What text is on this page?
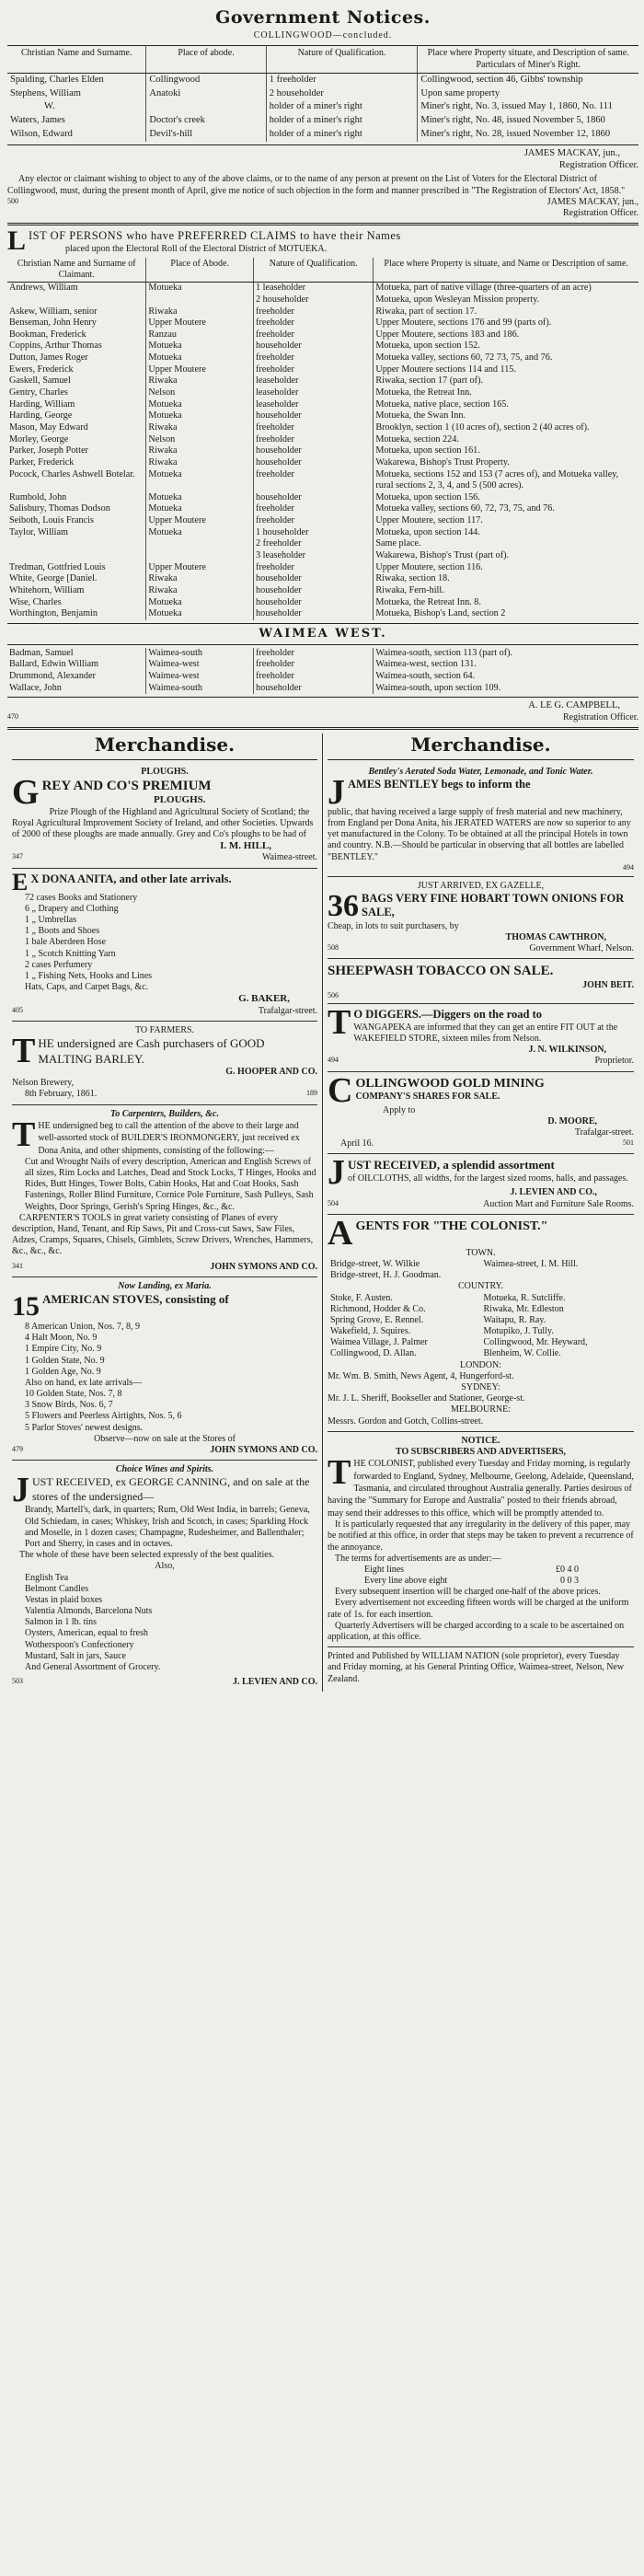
Government Notices.
COLLINGWOOD—concluded.
Christian Name and Surname.	Place of abode.	Nature of Qualification.	Place where Property situate, and Description of same. Particulars of Miner's Right.
Spalding, Charles Elden	Collingwood	1 freeholder	Collingwood, section 46, Gibbs' township
Stephens, William	Anatoki	2 householder	Upon same property
W.		holder of a miner's right	Miner's right, No. 3, issued May 1, 1860, No. 111
Waters, James	Doctor's creek	holder of a miner's right	Miner's right, No. 48, issued November 5, 1860
Wilson, Edward	Devil's-hill	holder of a miner's right	Miner's right, No. 28, issued November 12, 1860
JAMES MACKAY, jun.,
Registration Officer.

Any elector or claimant wishing to object to any of the above claims, or to the name of any person at present on the List of Voters for the Electoral District of Collingwood, must, during the present month of April, give me notice of such objection in the form and manner prescribed in "The Registration of Electors' Act, 1858."

500	JAMES MACKAY, jun.,
Registration Officer.
L IST OF PERSONS who have PREFERRED CLAIMS to have their Names
placed upon the Electoral Roll of the Electoral District of MOTUEKA.
Christian Name and Surname of Claimant.	Place of Abode.	Nature of Qualification.	Place where Property is situate, and Name or Description of same.
Andrews, William	Motueka	1 leaseholder	Motueka, part of native village (three-quarters of an acre)
		2 householder	Motueka, upon Wesleyan Mission property.
Askew, William, senior	Riwaka	freeholder	Riwaka, part of section 17.
Benseman, John Henry	Upper Moutere	freeholder	Upper Moutere, sections 176 and 99 (parts of).
Bookman, Frederick	Ranzau	freeholder	Upper Moutere, sections 183 and 186.
Coppins, Arthur Thomas	Motueka	householder	Motueka, upon section 152.
Dutton, James Roger	Motueka	freeholder	Motueka valley, sections 60, 72 73, 75, and 76.
Ewers, Frederick	Upper Moutere	freeholder	Upper Moutere sections 114 and 115.
Gaskell, Samuel	Riwaka	leaseholder	Riwaka, section 17 (part of).
Gentry, Charles	Nelson	leaseholder	Motueka, the Retreat Inn.
Harding, William	Motueka	leaseholder	Motueka, native place, section 165.
Harding, George	Motueka	householder	Motueka, the Swan Inn.
Mason, May Edward	Riwaka	freeholder	Brooklyn, section 1 (10 acres of), section 2 (40 acres of).
Morley, George	Nelson	freeholder	Motueka, section 224.
Parker, Joseph Potter	Riwaka	householder	Motueka, upon section 161.
Parker, Frederick	Riwaka	householder	Wakarewa, Bishop's Trust Property.
Pocock, Charles Ashwell Botelar.	Motueka	freeholder	Motueka, sections 152 and 153 (7 acres of), and Motueka valley, rural sections 2, 3, 4, and 5 (500 acres).
Rumbold, John	Motueka	householder	Motueka, upon section 156.
Salisbury, Thomas Dodson	Motueka	freeholder	Motueka valley, sections 60, 72, 73, 75, and 76.
Seiboth, Louis Francis	Upper Moutere	freeholder	Upper Moutere, section 117.
Taylor, William	Motueka	1 householder	Motueka, upon section 144.
		2 freeholder	Same place.
		3 leaseholder	Wakarewa, Bishop's Trust (part of).
Tredman, Gottfried Louis	Upper Moutere	freeholder	Upper Moutere, section 116.
White, George [Daniel.	Riwaka	householder	Riwaka, section 18.
Whitehorn, William	Riwaka	householder	Riwaka, Fern-hill.
Wise, Charles	Motueka	householder	Motueka, the Retreat Inn. 8.
Worthington, Benjamin	Motueka	householder	Motueka, Bishop's Land, section 2
WAIMEA WEST.
Badman, Samuel	Waimea-south	freeholder	Waimea-south, section 113 (part of).
Ballard, Edwin William	Waimea-west	freeholder	Waimea-west, section 131.
Drummond, Alexander	Waimea-west	freeholder	Waimea-south, section 64.
Wallace, John	Waimea-south	householder	Waimea-south, upon section 109.
A. LE G. CAMPBELL,
470	Registration Officer.
Merchandise.
PLOUGHS.
GREY AND CO'S PREMIUM
PLOUGHS.

Prize Plough of the Highland and Agricultural Society of Scotland; the Royal Agricultural Improvement Society of Ireland, and other Societies. Upwards of 2000 of these ploughs are made annually. Grey and Co's ploughs to be had of

I. M. HILL,
347	Waimea-street.
E X DONA ANITA, and other late arrivals.
72 cases Books and Stationery
6 „ Drapery and Clothing
1 „ Umbrellas
1 „ Boots and Shoes
1 bale Aberdeen Hose
1 „ Scotch Knitting Yarn
2 cases Perfumery
1 „ Fishing Nets, Hooks and Lines
Hats, Caps, and Carpet Bags, &c.
G. BAKER,
405	Trafalgar-street.
TO FARMERS.
THE undersigned are Cash purchasers of GOOD MALTING BARLEY.
G. HOOPER AND CO.
Nelson Brewery,
8th February, 1861.	189
To Carpenters, Builders, &c.
THE undersigned beg to call the attention of the above to their large and well-assorted stock of BUILDER'S IRONMONGERY, just received ex Dona Anita, and other shipments, consisting of the following:—

Cut and Wrought Nails of every description, American and English Screws of all sizes, Rim Locks and Latches, Dead and Stock Locks, T Hinges, Hooks and Rides, Butt Hinges, Tower Bolts, Cabin Hooks, Hat and Coat Hooks, Sash Fastenings, Roller Blind Furniture, Cornice Pole Furniture, Sash Pulleys, Sash Weights, Door Springs, Gerish's Spring Hinges, &c., &c.

CARPENTER'S TOOLS in great variety consisting of Planes of every description, Hand, Tenant, and Rip Saws, Pit and Cross-cut Saws, Saw Files, Adzes, Cramps, Squares, Chisels, Gimblets, Screw Drivers, Wrenches, Hammers, &c., &c., &c.

341	JOHN SYMONS AND CO.
Now Landing, ex Maria.
15 AMERICAN STOVES, consisting of
8 American Union, Nos. 7, 8, 9
4 Halt Moon, No. 9
1 Empire City, No. 9
1 Golden State, No. 9
1 Golden Age, No. 9
Also on hand, ex late arrivals—
10 Golden State, Nos. 7, 8
3 Snow Birds, Nos. 6, 7
5 Flowers and Peerless Airtights, Nos. 5, 6
5 Parlor Stoves' newest designs.
Observe—now on sale at the Stores of
479	JOHN SYMONS AND CO.
Choice Wines and Spirits.
JUST RECEIVED, ex GEORGE CANNING, and on sale at the stores of the undersigned—

Brandy, Martell's, dark, in quarters; Rum, Old West India, in barrels; Geneva, Old Schiedam, in cases; Whiskey, Irish and Scotch, in cases; Sparkling Hock and Moselle, in 1 dozen cases; Champagne, Rudesheimer, and Ballenthaler; Port and Sherry, in cases and in octaves.

The whole of these have been selected expressly of the best qualities.

Also,
English Tea
Belmont Candles
Vestas in plaid boxes
Valentia Almonds, Barcelona Nuts
Salmon in 1 lb. tins
Oysters, American, equal to fresh
Wotherspoon's Confectionery
Mustard, Salt in jars, Sauce
And General Assortment of Grocery.
503	J. LEVIEN AND CO.
Merchandise.
Bentley's Aerated Soda Water, Lemonade, and Tonic Water.
JAMES BENTLEY begs to inform the

public, that having received a large supply of fresh material and new machinery, from England per Dona Anita, his JERATED WATERS are now so superior to any yet manufactured in the Colony. To be obtained at all the principal Hotels in town and country. N.B.—Should be particular in observing that all bottles are labelled "BENTLEY."

494
JUST ARRIVED, EX GAZELLE,
36 BAGS VERY FINE HOBART TOWN ONIONS FOR SALE,

Cheap, in lots to suit purchasers, by

THOMAS CAWTHRON,
508	Government Wharf, Nelson.
SHEEPWASH TOBACCO ON SALE.
JOHN BEIT.
506
T O DIGGERS.—Diggers on the road to

WANGAPEKA are informed that they can get an entire FIT OUT at the WAKEFIELD STORE, sixteen miles from Nelson.

J. N. WILKINSON,
494	Proprietor.
COLLINGWOOD GOLD MINING
COMPANY'S SHARES FOR SALE.
Apply to
D. MOORE,
Trafalgar-street.
April 16.	501
JUST RECEIVED, a splendid assortment

of OILCLOTHS, all widths, for the largest sized rooms, halls, and passages.

J. LEVIEN AND CO.,
504	Auction Mart and Furniture Sale Rooms.
AGENTS FOR "THE COLONIST."
TOWN.
Bridge-street, W. Wilkie	Waimea-street, I. M. Hill.
Bridge-street, H. J. Goodman.	
COUNTRY.
Stoke, F. Austen.	Motueka, R. Sutcliffe.
Richmond, Hodder & Co.	Riwaka, Mr. Edleston
Spring Grove, E. Rennel.	Waitapu, R. Ray.
Wakefield, J. Squires.	Motupiko, J. Tully.
Waimea Village, J. Palmer	Collingwood, Mr. Heyward,
Collingwood, D. Allan.	Blenheim, W. Collie.
LONDON:
Mr. Wm. B. Smith, News Agent, 4, Hungerford-st.
SYDNEY:
Mr. J. L. Sheriff, Bookseller and Stationer, George-st.
MELBOURNE:
Messrs. Gordon and Gotch, Collins-street.
NOTICE.
TO SUBSCRIBERS AND ADVERTISERS,
THE COLONIST, published every Tuesday and Friday morning, is regularly forwarded to England, Sydney, Melbourne, Geelong, Adelaide, Queensland, Tasmania, and circulated throughout Australia generally. Parties desirous of having the "Summary for Europe and Australia" posted to their friends abroad, may send their addresses to this office, which will be promptly attended to.

It is particularly requested that any irregularity in the delivery of this paper, may be notified at this office, in order that steps may be taken to prevent a recurrence of the annoyance.

The terms for advertisements are as under:—

Eight lines	£0 4 0
Every line above eight	0 0 3

Every subsequent insertion will be charged one-half of the above prices.

Every advertisement not exceeding fifteen words will be charged at the uniform rate of 1s. for each insertion.

Quarterly Advertisers will be charged according to a scale to be ascertained on application, at this office.

Printed and Published by WILLIAM NATION (sole proprietor), every Tuesday and Friday morning, at his General Printing Office, Waimea-street, Nelson, New Zealand.
